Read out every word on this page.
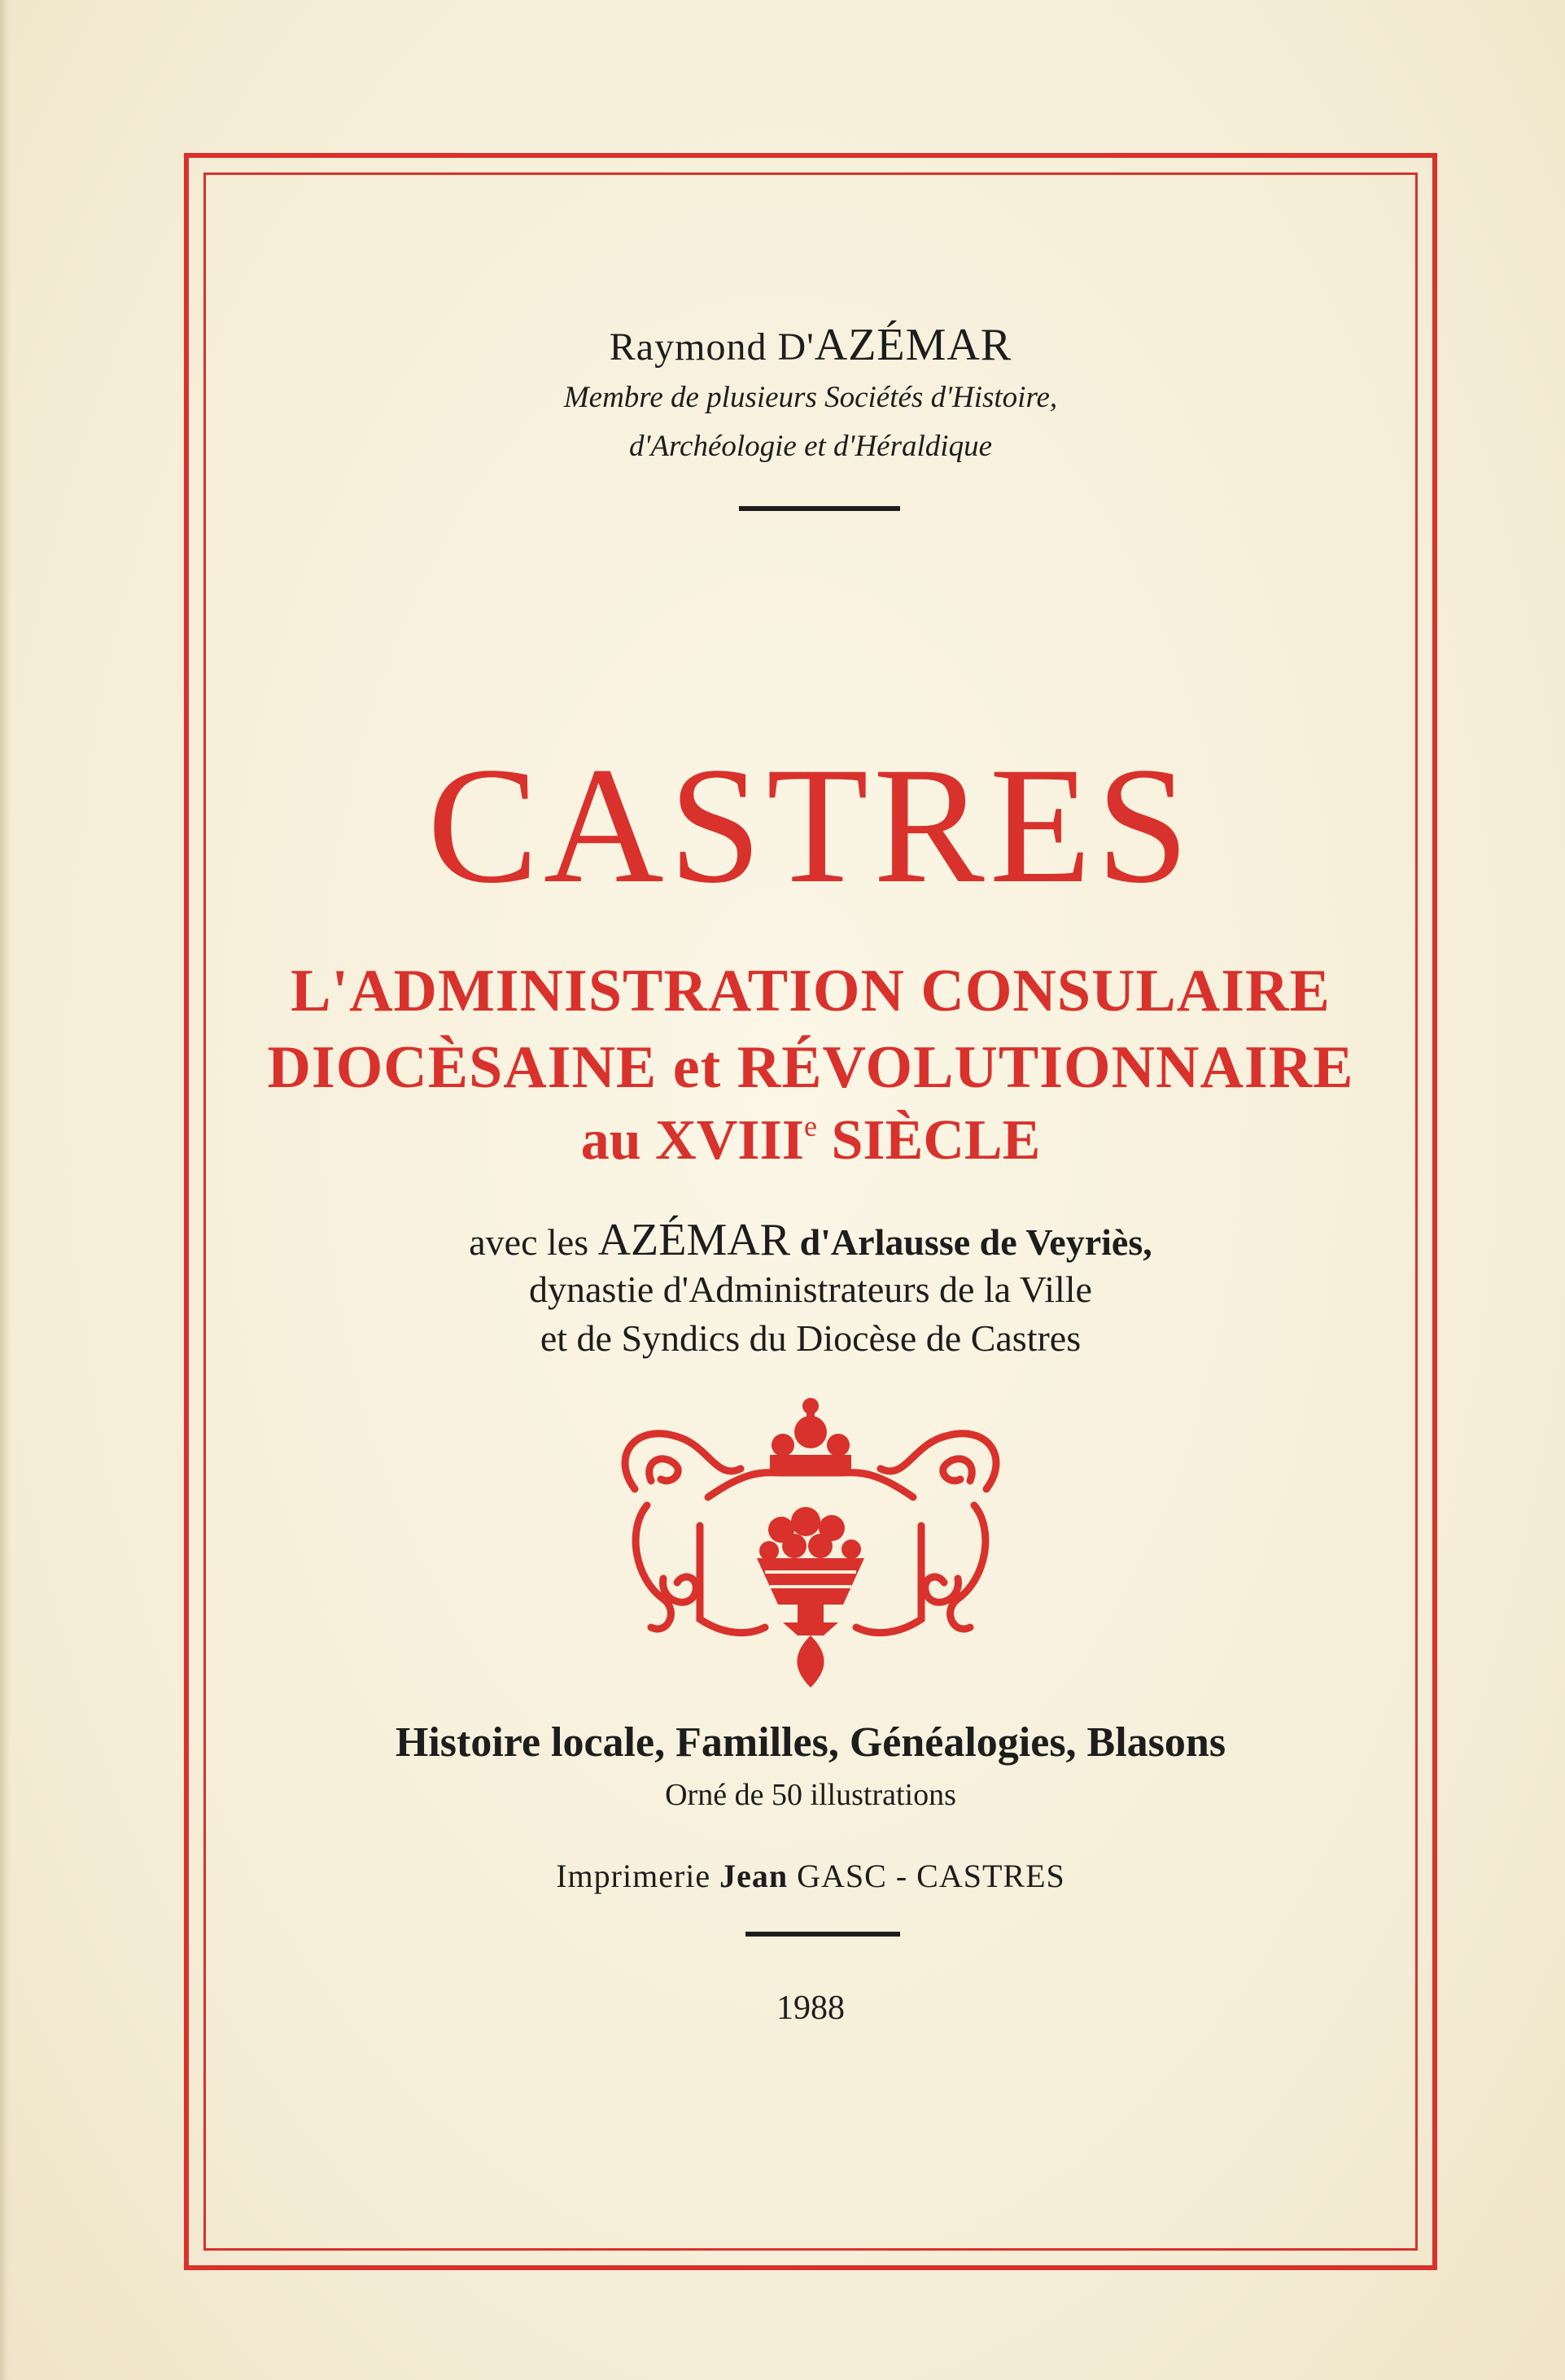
Raymond D'AZÉMAR
Membre de plusieurs Sociétés d'Histoire,
d'Archéologie et d'Héraldique
CASTRES
L'ADMINISTRATION CONSULAIRE
DIOCÈSAINE et RÉVOLUTIONNAIRE
au XVIIIe SIÈCLE
avec les AZÉMAR d'Arlausse de Veyriès,
dynastie d'Administrateurs de la Ville
et de Syndics du Diocèse de Castres
Histoire locale, Familles, Généalogies, Blasons
Orné de 50 illustrations
Imprimerie Jean GASC - CASTRES
1988
